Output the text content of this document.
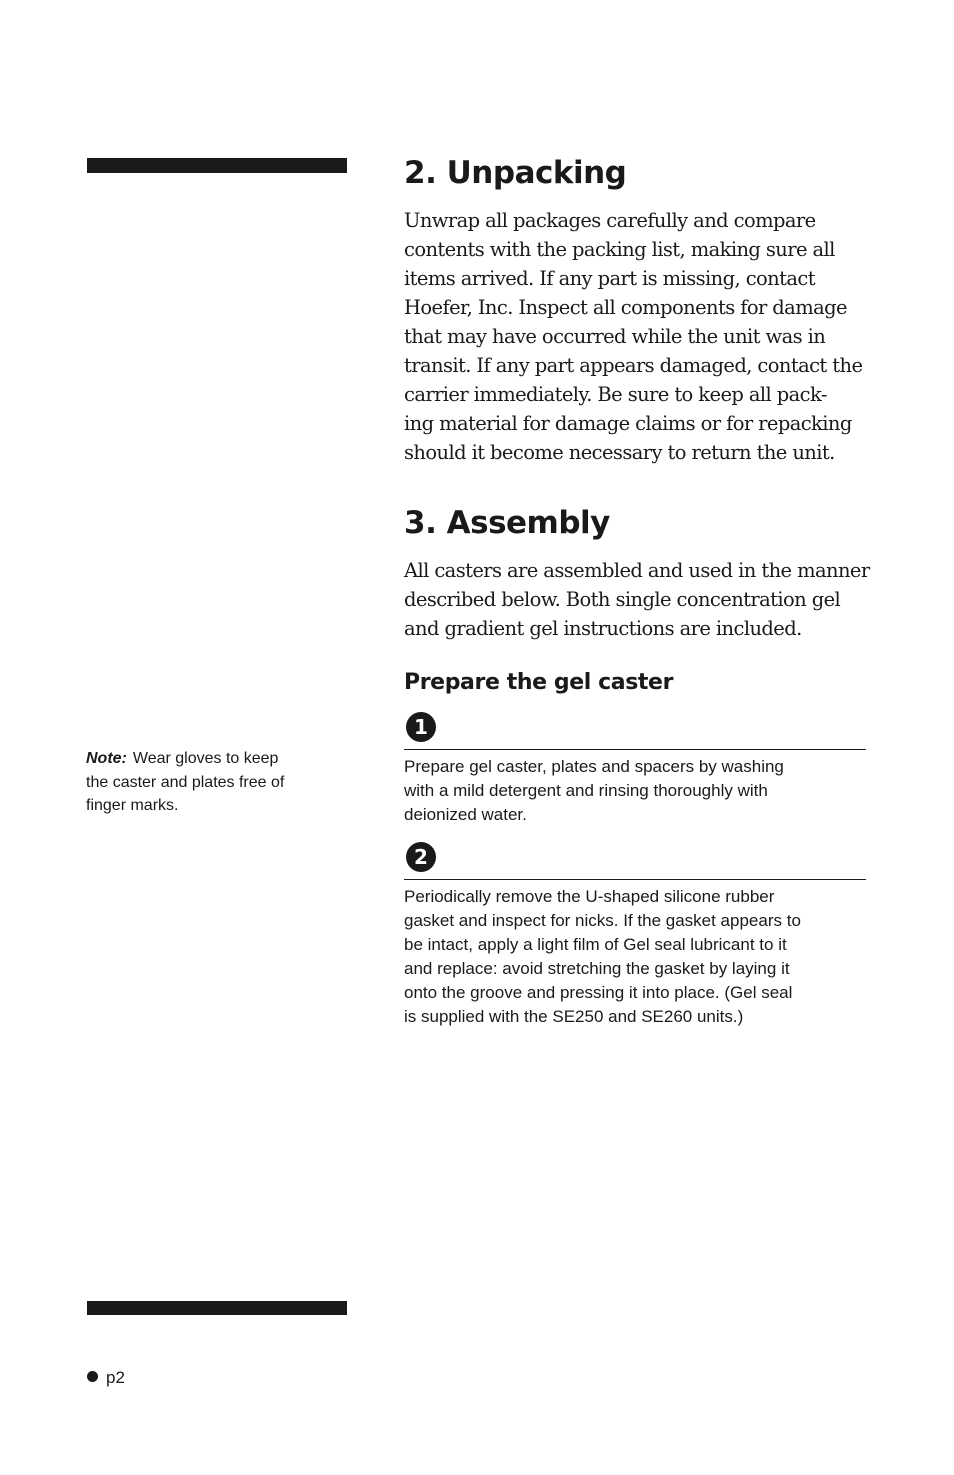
Note: Wear gloves to keep
the caster and plates free of
finger marks.
2. Unpacking

Unwrap all packages carefully and compare
contents with the packing list, making sure all
items arrived. If any part is missing, contact
Hoefer, Inc. Inspect all components for damage
that may have occurred while the unit was in
transit. If any part appears damaged, contact the
carrier immediately. Be sure to keep all pack-
ing material for damage claims or for repacking
should it become necessary to return the unit.

3. Assembly

All casters are assembled and used in the manner
described below. Both single concentration gel
and gradient gel instructions are included.

Prepare the gel caster
1

Prepare gel caster, plates and spacers by washing
with a mild detergent and rinsing thoroughly with
deionized water.

2

Periodically remove the U-shaped silicone rubber
gasket and inspect for nicks. If the gasket appears to
be intact, apply a light film of Gel seal lubricant to it
and replace: avoid stretching the gasket by laying it
onto the groove and pressing it into place. (Gel seal
is supplied with the SE250 and SE260 units.)

p2
